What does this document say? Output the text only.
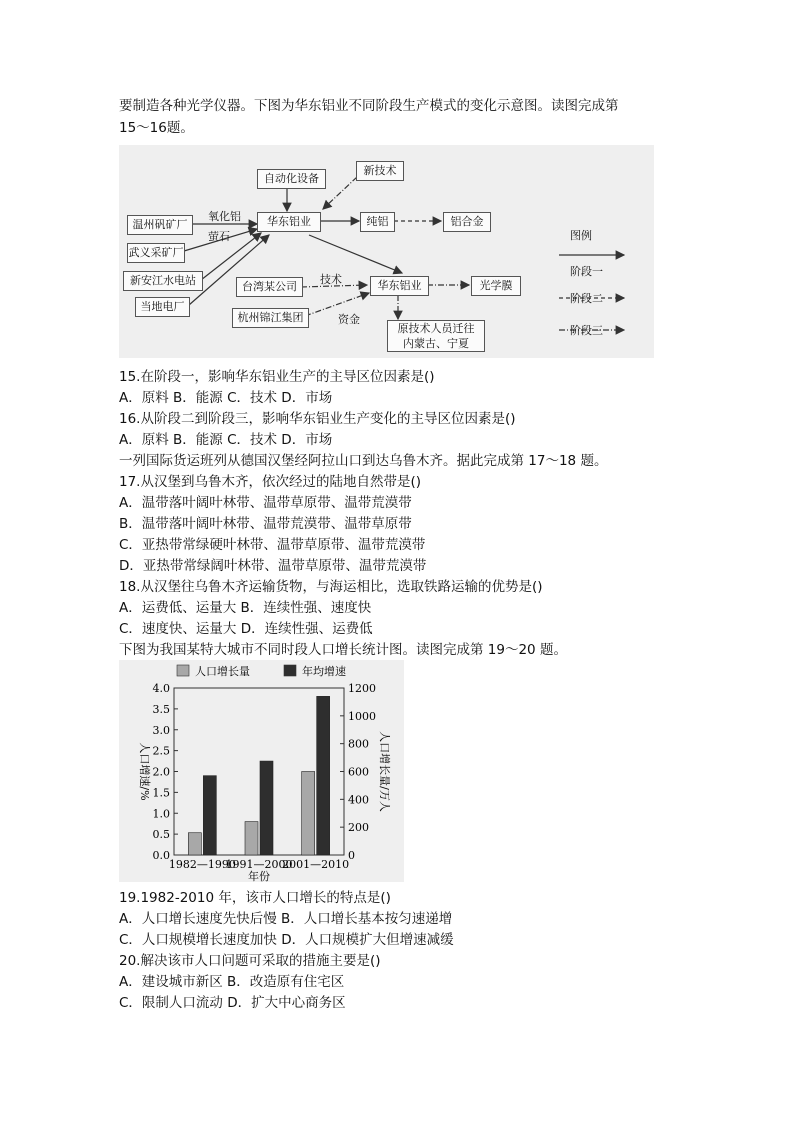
要制造各种光学仪器。下图为华东铝业不同阶段生产模式的变化示意图。读图完成第
15～16题。
自动化设备
新技术
温州矾矿厂
武义采矿厂
新安江水电站
当地电厂
华东铝业	纯铝	铝合金
台湾某公司
杭州锦江集团
华东铝业	光学膜
原技术人员迁往
内蒙古、宁夏
氧化铝
萤石
技术
资金
图例
阶段一
阶段二
阶段三
15.在阶段一，影响华东铝业生产的主导区位因素是()
A．原料 B．能源 C．技术 D．市场
16.从阶段二到阶段三，影响华东铝业生产变化的主导区位因素是()
A．原料 B．能源 C．技术 D．市场
一列国际货运班列从德国汉堡经阿拉山口到达乌鲁木齐。据此完成第 17～18 题。
17.从汉堡到乌鲁木齐，依次经过的陆地自然带是()
A．温带落叶阔叶林带、温带草原带、温带荒漠带
B．温带落叶阔叶林带、温带荒漠带、温带草原带
C．亚热带常绿硬叶林带、温带草原带、温带荒漠带
D．亚热带常绿阔叶林带、温带草原带、温带荒漠带
18.从汉堡往乌鲁木齐运输货物，与海运相比，选取铁路运输的优势是()
A．运费低、运量大 B．连续性强、速度快
C．速度快、运量大 D．连续性强、运费低
下图为我国某特大城市不同时段人口增长统计图。读图完成第 19～20 题。
人口增长量	年均增速
0.0
0.5
1.0
1.5
2.0
2.5
3.0
3.5
4.0
0
200
400
600
800
1000
1200
人口增速/%	人口增长量/万人
1982—1990
1991—2000
2001—2010
年份
19.1982-2010 年，该市人口增长的特点是()
A．人口增长速度先快后慢 B．人口增长基本按匀速递增
C．人口规模增长速度加快 D．人口规模扩大但增速减缓
20.解决该市人口问题可采取的措施主要是()
A．建设城市新区 B．改造原有住宅区
C．限制人口流动 D．扩大中心商务区
